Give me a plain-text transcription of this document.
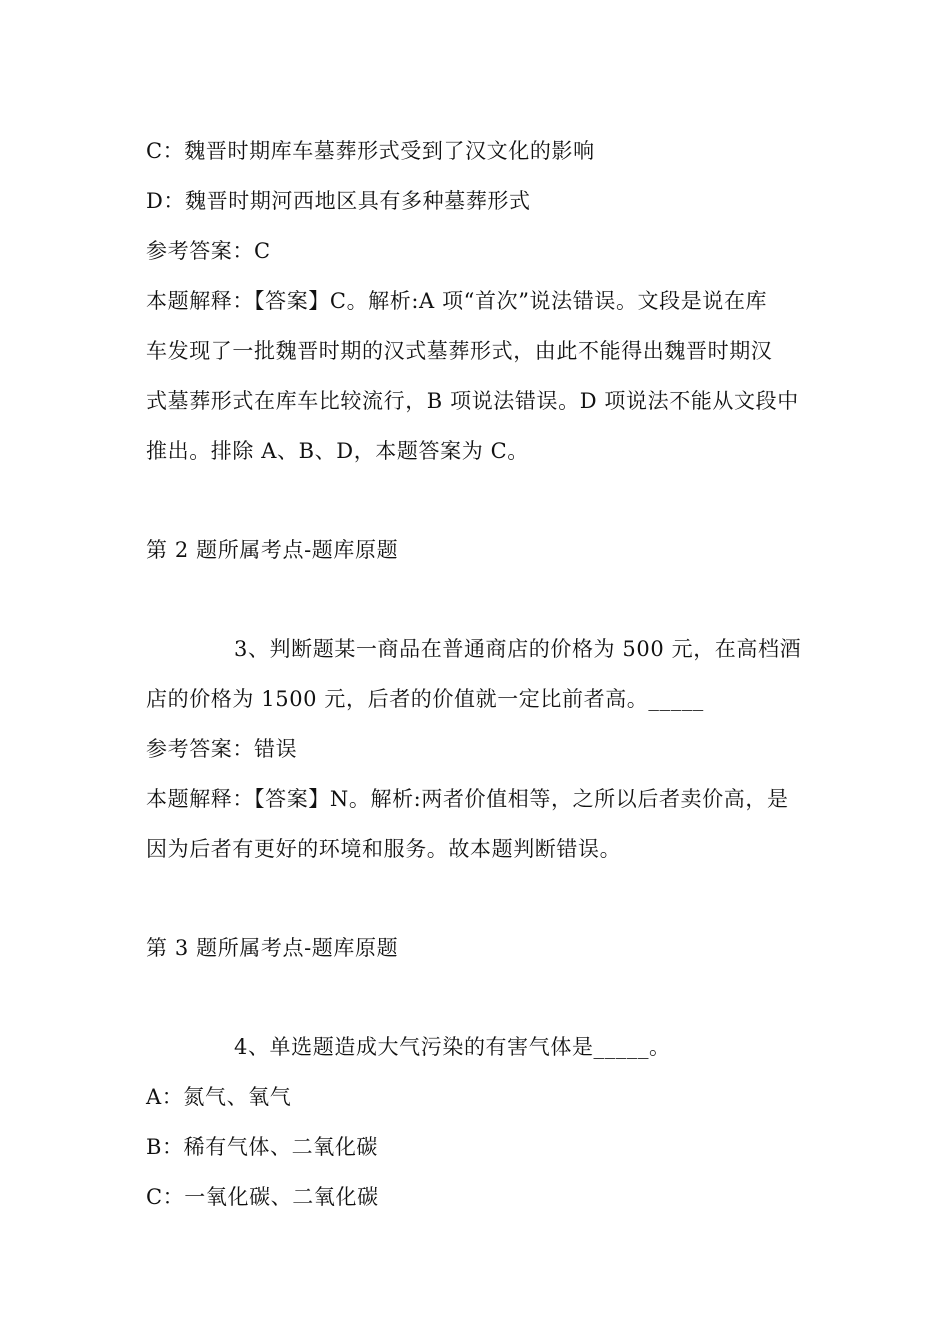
C：魏晋时期库车墓葬形式受到了汉文化的影响
D：魏晋时期河西地区具有多种墓葬形式
参考答案：C
本题解释：【答案】C。解析:A 项“首次”说法错误。文段是说在库
车发现了一批魏晋时期的汉式墓葬形式，由此不能得出魏晋时期汉
式墓葬形式在库车比较流行，B 项说法错误。D 项说法不能从文段中
推出。排除 A、B、D，本题答案为 C。
第 2 题所属考点-题库原题
3、判断题某一商品在普通商店的价格为 500 元，在高档酒
店的价格为 1500 元，后者的价值就一定比前者高。_____
参考答案：错误
本题解释：【答案】N。解析:两者价值相等，之所以后者卖价高，是
因为后者有更好的环境和服务。故本题判断错误。
第 3 题所属考点-题库原题
4、单选题造成大气污染的有害气体是_____。
A：氮气、氧气
B：稀有气体、二氧化碳
C：一氧化碳、二氧化碳
